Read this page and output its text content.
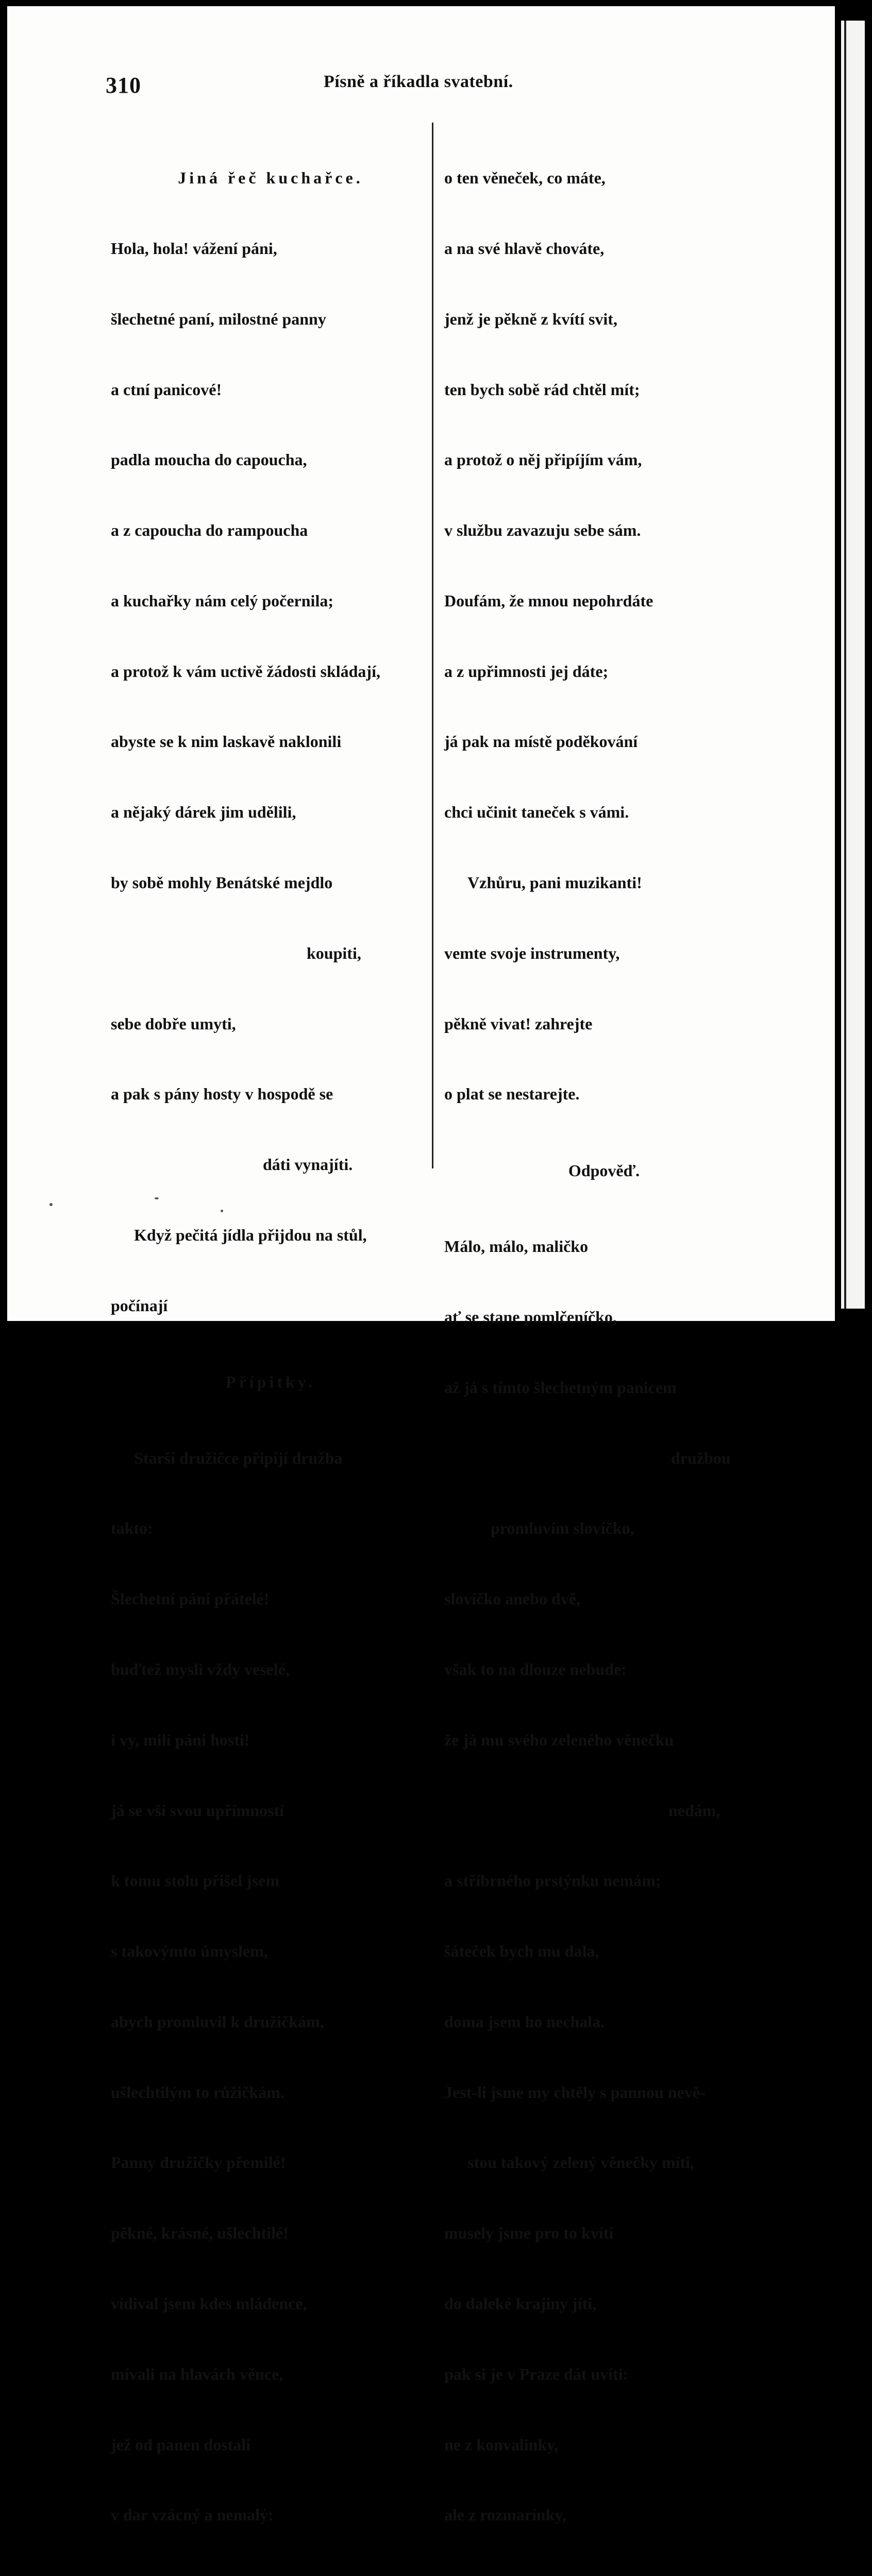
310	Písně a říkadla svatební.

Jiná řeč kuchařce.

Hola, hola! vážení páni,

šlechetné paní, milostné panny

a ctní panicové!

padla moucha do capoucha,

a z capoucha do rampoucha

a kuchařky nám celý počernila;

a protož k vám uctivě žádosti skládají,

abyste se k nim laskavě naklonili

a nějaký dárek jim udělili,

by sobě mohly Benátské mejdlo

koupiti,

sebe dobře umyti,

a pak s pány hosty v hospodě se

dáti vynajíti.

Když pečitá jídla přijdou na stůl,

počínají

Přípitky.

Starší družičce připíjí družba

takto:

Šlechetní páni přátelé!

buďtež mysli vždy veselé,

i vy, milí páni hosti!

já se vší svou upřímností

k tomu stolu přišel jsem

s takovýmto úmyslem,

abych promluvil k družičkám,

ušlechtilým to růžičkám.

Panny družičky přemilé!

pěkné, krásné, ušlechtilé!

vídival jsem kdes mládence,

mívali na hlavách věnce,

jež od panen dostali

v dar vzácný a nemalý:

o ten věneček, co máte,

a na své hlavě chováte,

jenž je pěkně z kvítí svit,

ten bych sobě rád chtěl mít;

a protož o něj připíjím vám,

v službu zavazuju sebe sám.

Doufám, že mnou nepohrdáte

a z upřimnosti jej dáte;

já pak na místě poděkování

chci učinit taneček s vámi.

Vzhůru, pani muzikanti!

vemte svoje instrumenty,

pěkně vivat! zahrejte

o plat se nestarejte.

Odpověď.

Málo, málo, maličko

ať se stane pomlčeníčko,

až já s tímto šlechetným panicem

družbou

promluvím slovíčko,

slovíčko anebo dvě,

však to na dlouze nebude:

že já mu svého zeleného věnečku

nedám,

a stříbrného prstýnku nemám;

šáteček bych mu dala,

doma jsem ho nechala.

Jest-li jsme my chtěly s pannou nevě-

stou takový zelený věnečky míti,

musely jsme pro to kvítí

do daleké krajiny jíti,

pak si je v Praze dát uvíti:

ne z konvalinky,

ale z rozmarínky,
